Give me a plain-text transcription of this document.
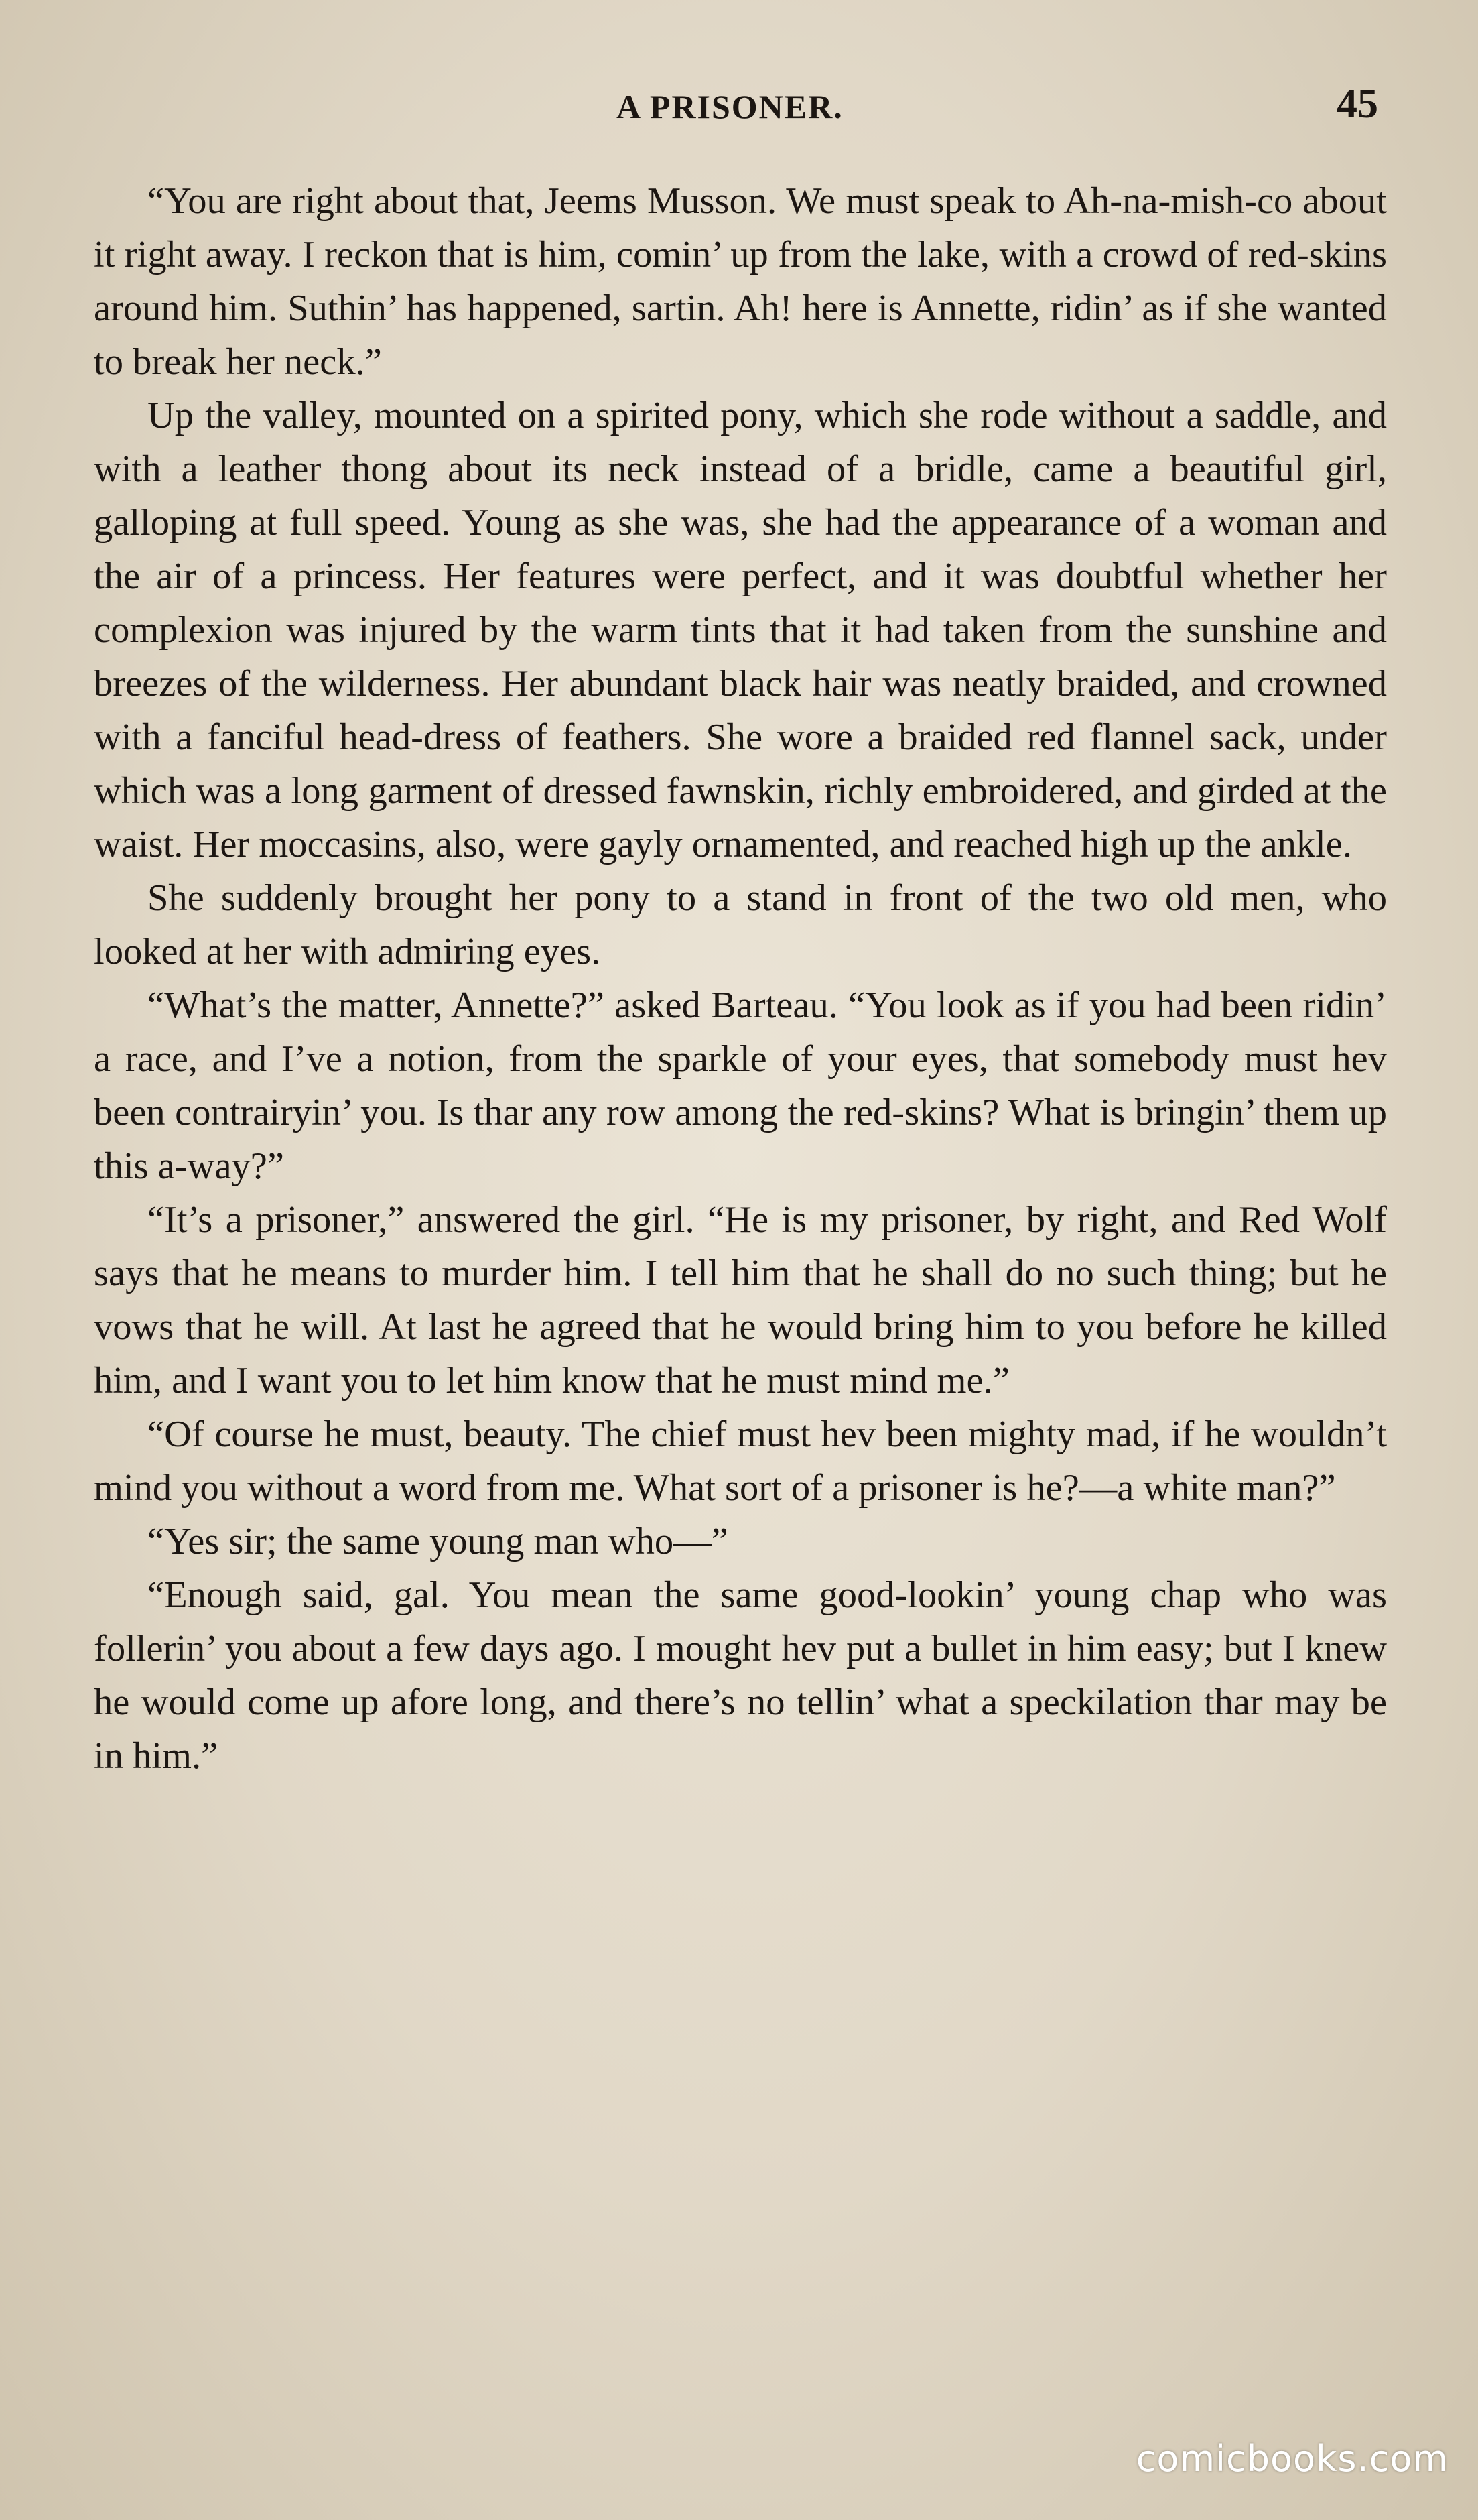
A PRISONER.	45

“You are right about that, Jeems Musson. We must speak to Ah-na-mish-co about it right away. I reckon that is him, comin’ up from the lake, with a crowd of red-skins around him. Suthin’ has happened, sartin. Ah! here is Annette, ridin’ as if she wanted to break her neck.”

Up the valley, mounted on a spirited pony, which she rode without a saddle, and with a leather thong about its neck instead of a bridle, came a beautiful girl, galloping at full speed. Young as she was, she had the appearance of a woman and the air of a princess. Her features were perfect, and it was doubtful whether her complexion was injured by the warm tints that it had taken from the sunshine and breezes of the wilderness. Her abundant black hair was neatly braided, and crowned with a fanciful head-dress of feathers. She wore a braided red flannel sack, under which was a long garment of dressed fawnskin, richly embroidered, and girded at the waist. Her moccasins, also, were gayly ornamented, and reached high up the ankle.

She suddenly brought her pony to a stand in front of the two old men, who looked at her with admiring eyes.

“What’s the matter, Annette?” asked Barteau. “You look as if you had been ridin’ a race, and I’ve a notion, from the sparkle of your eyes, that somebody must hev been contrairyin’ you. Is thar any row among the red-skins? What is bringin’ them up this a-way?”

“It’s a prisoner,” answered the girl. “He is my prisoner, by right, and Red Wolf says that he means to murder him. I tell him that he shall do no such thing; but he vows that he will. At last he agreed that he would bring him to you before he killed him, and I want you to let him know that he must mind me.”

“Of course he must, beauty. The chief must hev been mighty mad, if he wouldn’t mind you without a word from me. What sort of a prisoner is he?—a white man?”

“Yes sir; the same young man who—”

“Enough said, gal. You mean the same good-lookin’ young chap who was follerin’ you about a few days ago. I mought hev put a bullet in him easy; but I knew he would come up afore long, and there’s no tellin’ what a speckilation thar may be in him.”

comicbooks.com
